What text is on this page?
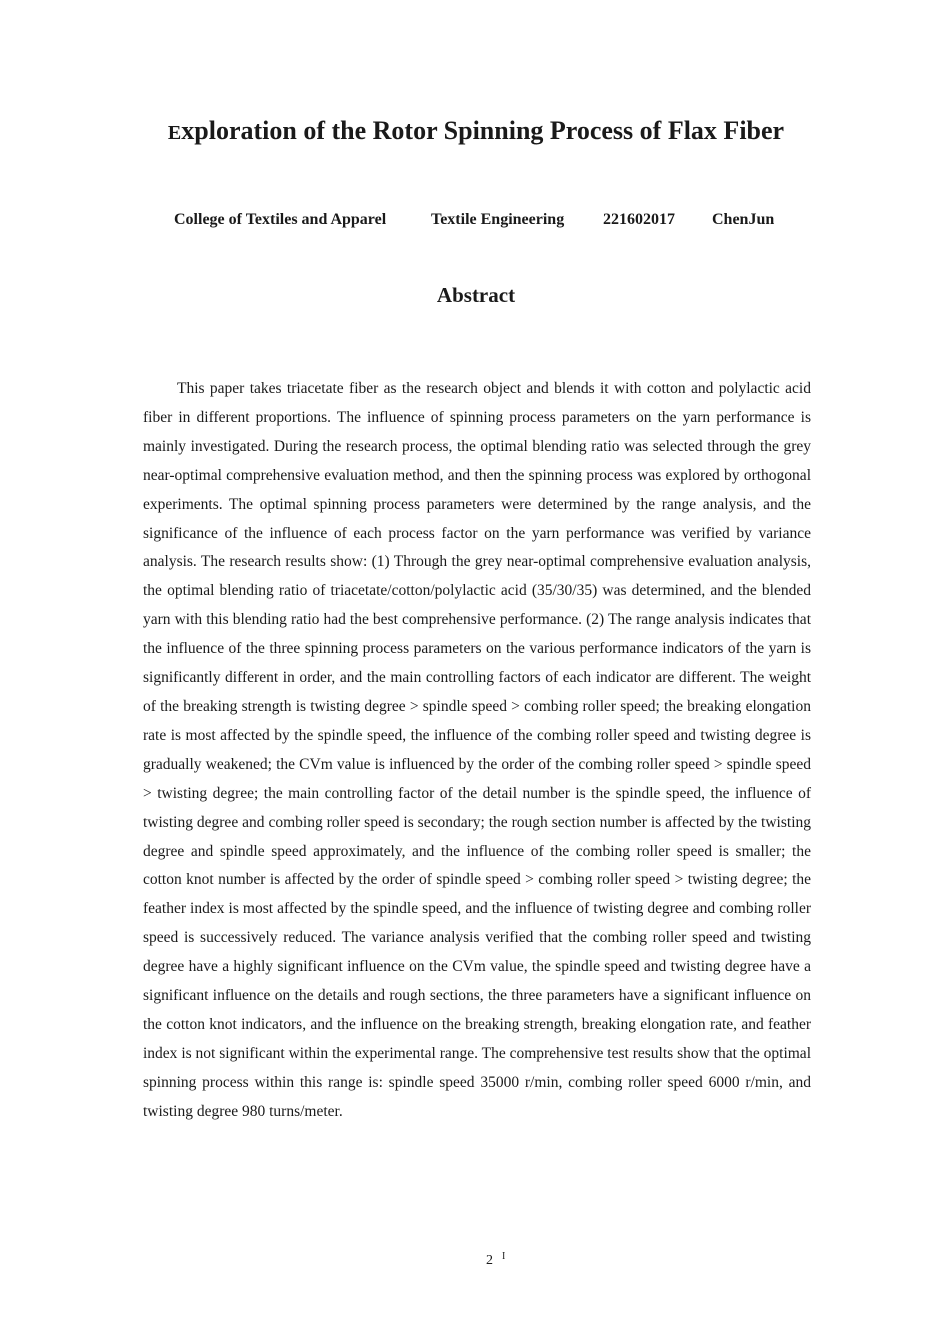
Exploration of the Rotor Spinning Process of Flax Fiber
College of Textiles and Apparel	Textile Engineering 221602017 ChenJun
Abstract

This paper takes triacetate fiber as the research object and blends it with cotton and polylactic acid fiber in different proportions. The influence of spinning process parameters on the yarn performance is mainly investigated. During the research process, the optimal blending ratio was selected through the grey near-optimal comprehensive evaluation method, and then the spinning process was explored by orthogonal experiments. The optimal spinning process parameters were determined by the range analysis, and the significance of the influence of each process factor on the yarn performance was verified by variance analysis. The research results show: (1) Through the grey near-optimal comprehensive evaluation analysis, the optimal blending ratio of triacetate/cotton/polylactic acid (35/30/35) was determined, and the blended yarn with this blending ratio had the best comprehensive performance. (2) The range analysis indicates that the influence of the three spinning process parameters on the various performance indicators of the yarn is significantly different in order, and the main controlling factors of each indicator are different. The weight of the breaking strength is twisting degree > spindle speed > combing roller speed; the breaking elongation rate is most affected by the spindle speed, the influence of the combing roller speed and twisting degree is gradually weakened; the CVm value is influenced by the order of the combing roller speed > spindle speed > twisting degree; the main controlling factor of the detail number is the spindle speed, the influence of twisting degree and combing roller speed is secondary; the rough section number is affected by the twisting degree and spindle speed approximately, and the influence of the combing roller speed is smaller; the cotton knot number is affected by the order of spindle speed > combing roller speed > twisting degree; the feather index is most affected by the spindle speed, and the influence of twisting degree and combing roller speed is successively reduced. The variance analysis verified that the combing roller speed and twisting degree have a highly significant influence on the CVm value, the spindle speed and twisting degree have a significant influence on the details and rough sections, the three parameters have a significant influence on the cotton knot indicators, and the influence on the breaking strength, breaking elongation rate, and feather index is not significant within the experimental range. The comprehensive test results show that the optimal spinning process within this range is: spindle speed 35000 r/min, combing roller speed 6000 r/min, and twisting degree 980 turns/meter.

2 I
